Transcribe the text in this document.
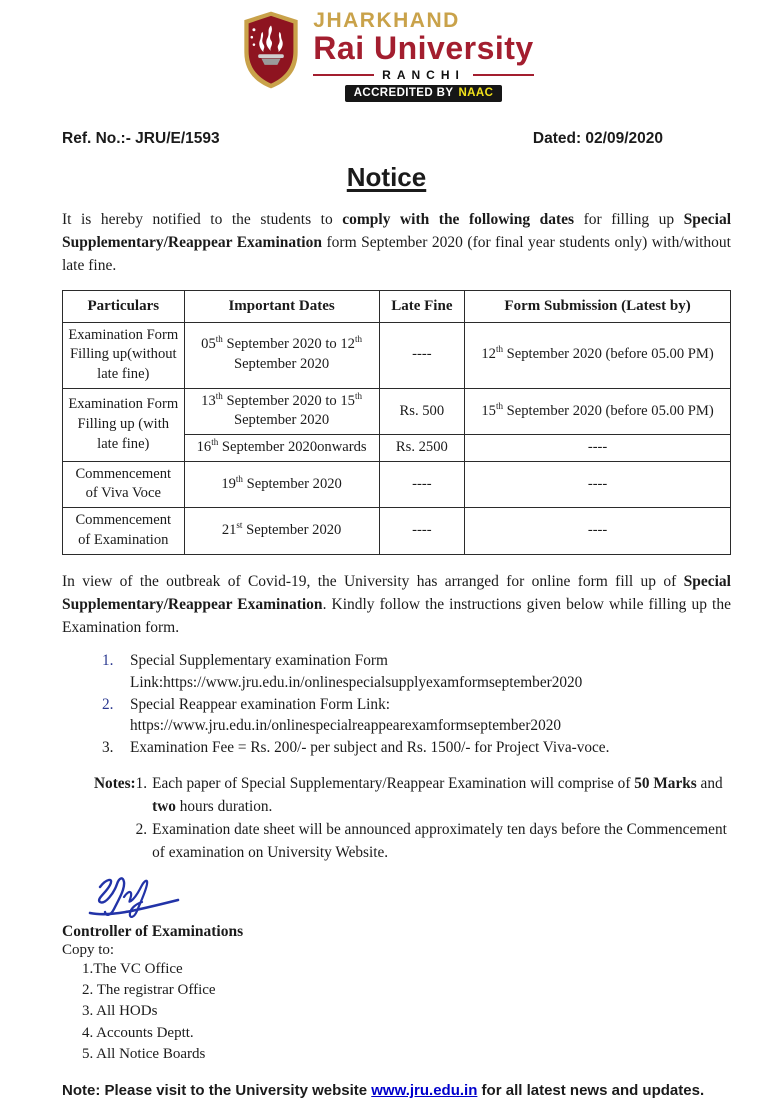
JHARKHAND
Rai University
RANCHI
ACCREDITED BY NAAC
Ref. No.:- JRU/E/1593	Dated: 02/09/2020
Notice

It is hereby notified to the students to comply with the following dates for filling up Special Supplementary/Reappear Examination form September 2020 (for final year students only) with/without late fine.

Particulars	Important Dates	Late Fine	Form Submission (Latest by)
Examination Form Filling up(without late fine)	05th September 2020 to 12th September 2020	----	12th September 2020 (before 05.00 PM)
Examination Form Filling up (with late fine)	13th September 2020 to 15th September 2020	Rs. 500	15th September 2020 (before 05.00 PM)
	16th September 2020onwards	Rs. 2500	----
Commencement of Viva Voce	19th September 2020	----	----
Commencement of Examination	21st September 2020	----	----

In view of the outbreak of Covid-19, the University has arranged for online form fill up of Special Supplementary/Reappear Examination. Kindly follow the instructions given below while filling up the Examination form.

1.	Special Supplementary examination Form
Link:https://www.jru.edu.in/onlinespecialsupplyexamformseptember2020
2.	Special Reappear examination Form Link:
https://www.jru.edu.in/onlinespecialreappearexamformseptember2020
3.	Examination Fee = Rs. 200/- per subject and Rs. 1500/- for Project Viva-voce.
Notes: 1. Each paper of Special Supplementary/Reappear Examination will comprise of 50 Marks and
two hours duration.
2. Examination date sheet will be announced approximately ten days before the Commencement of examination on University Website.
Controller of Examinations
Copy to:
1.The VC Office
2. The registrar Office
3. All HODs
4. Accounts Deptt.
5. All Notice Boards
Note: Please visit to the University website www.jru.edu.in for all latest news and updates.
